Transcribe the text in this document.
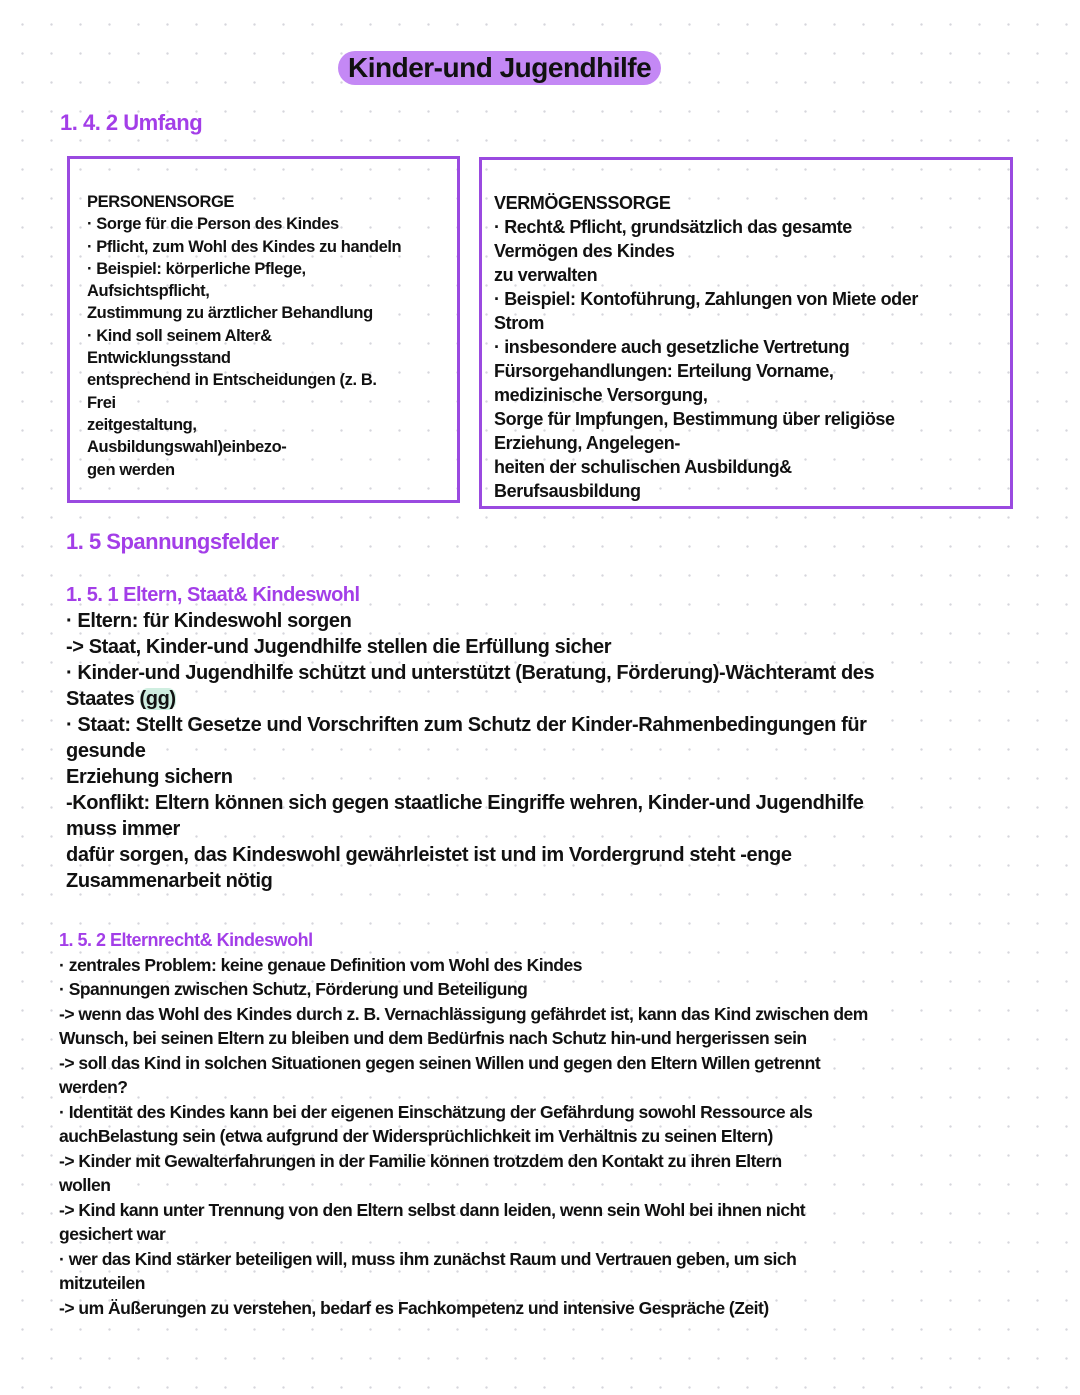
Kinder-und Jugendhilfe
1. 4. 2 Umfang
PERSONENSORGE
· Sorge für die Person des Kindes
· Pflicht, zum Wohl des Kindes zu handeln
· Beispiel: körperliche Pflege,
Aufsichtspflicht,
Zustimmung zu ärztlicher Behandlung
· Kind soll seinem Alter&
Entwicklungsstand
entsprechend in Entscheidungen (z. B.
Frei
zeitgestaltung,
Ausbildungswahl)einbezo-
gen werden
VERMÖGENSSORGE
· Recht& Pflicht, grundsätzlich das gesamte
Vermögen des Kindes
zu verwalten
· Beispiel: Kontoführung, Zahlungen von Miete oder
Strom
· insbesondere auch gesetzliche Vertretung
Fürsorgehandlungen: Erteilung Vorname,
medizinische Versorgung,
Sorge für Impfungen, Bestimmung über religiöse
Erziehung, Angelegen-
heiten der schulischen Ausbildung&
Berufsausbildung
1. 5 Spannungsfelder
1. 5. 1 Eltern, Staat& Kindeswohl
· Eltern: für Kindeswohl sorgen
-> Staat, Kinder-und Jugendhilfe stellen die Erfüllung sicher
· Kinder-und Jugendhilfe schützt und unterstützt (Beratung, Förderung)-Wächteramt des
Staates (gg)
· Staat: Stellt Gesetze und Vorschriften zum Schutz der Kinder-Rahmenbedingungen für
gesunde
Erziehung sichern
-Konflikt: Eltern können sich gegen staatliche Eingriffe wehren, Kinder-und Jugendhilfe
muss immer
dafür sorgen, das Kindeswohl gewährleistet ist und im Vordergrund steht -enge
Zusammenarbeit nötig
1. 5. 2 Elternrecht& Kindeswohl
· zentrales Problem: keine genaue Definition vom Wohl des Kindes
· Spannungen zwischen Schutz, Förderung und Beteiligung
-> wenn das Wohl des Kindes durch z. B. Vernachlässigung gefährdet ist, kann das Kind zwischen dem
Wunsch, bei seinen Eltern zu bleiben und dem Bedürfnis nach Schutz hin-und hergerissen sein
-> soll das Kind in solchen Situationen gegen seinen Willen und gegen den Eltern Willen getrennt
werden?
· Identität des Kindes kann bei der eigenen Einschätzung der Gefährdung sowohl Ressource als
auchBelastung sein (etwa aufgrund der Widersprüchlichkeit im Verhältnis zu seinen Eltern)
-> Kinder mit Gewalterfahrungen in der Familie können trotzdem den Kontakt zu ihren Eltern
wollen
-> Kind kann unter Trennung von den Eltern selbst dann leiden, wenn sein Wohl bei ihnen nicht
gesichert war
· wer das Kind stärker beteiligen will, muss ihm zunächst Raum und Vertrauen geben, um sich
mitzuteilen
-> um Äußerungen zu verstehen, bedarf es Fachkompetenz und intensive Gespräche (Zeit)
